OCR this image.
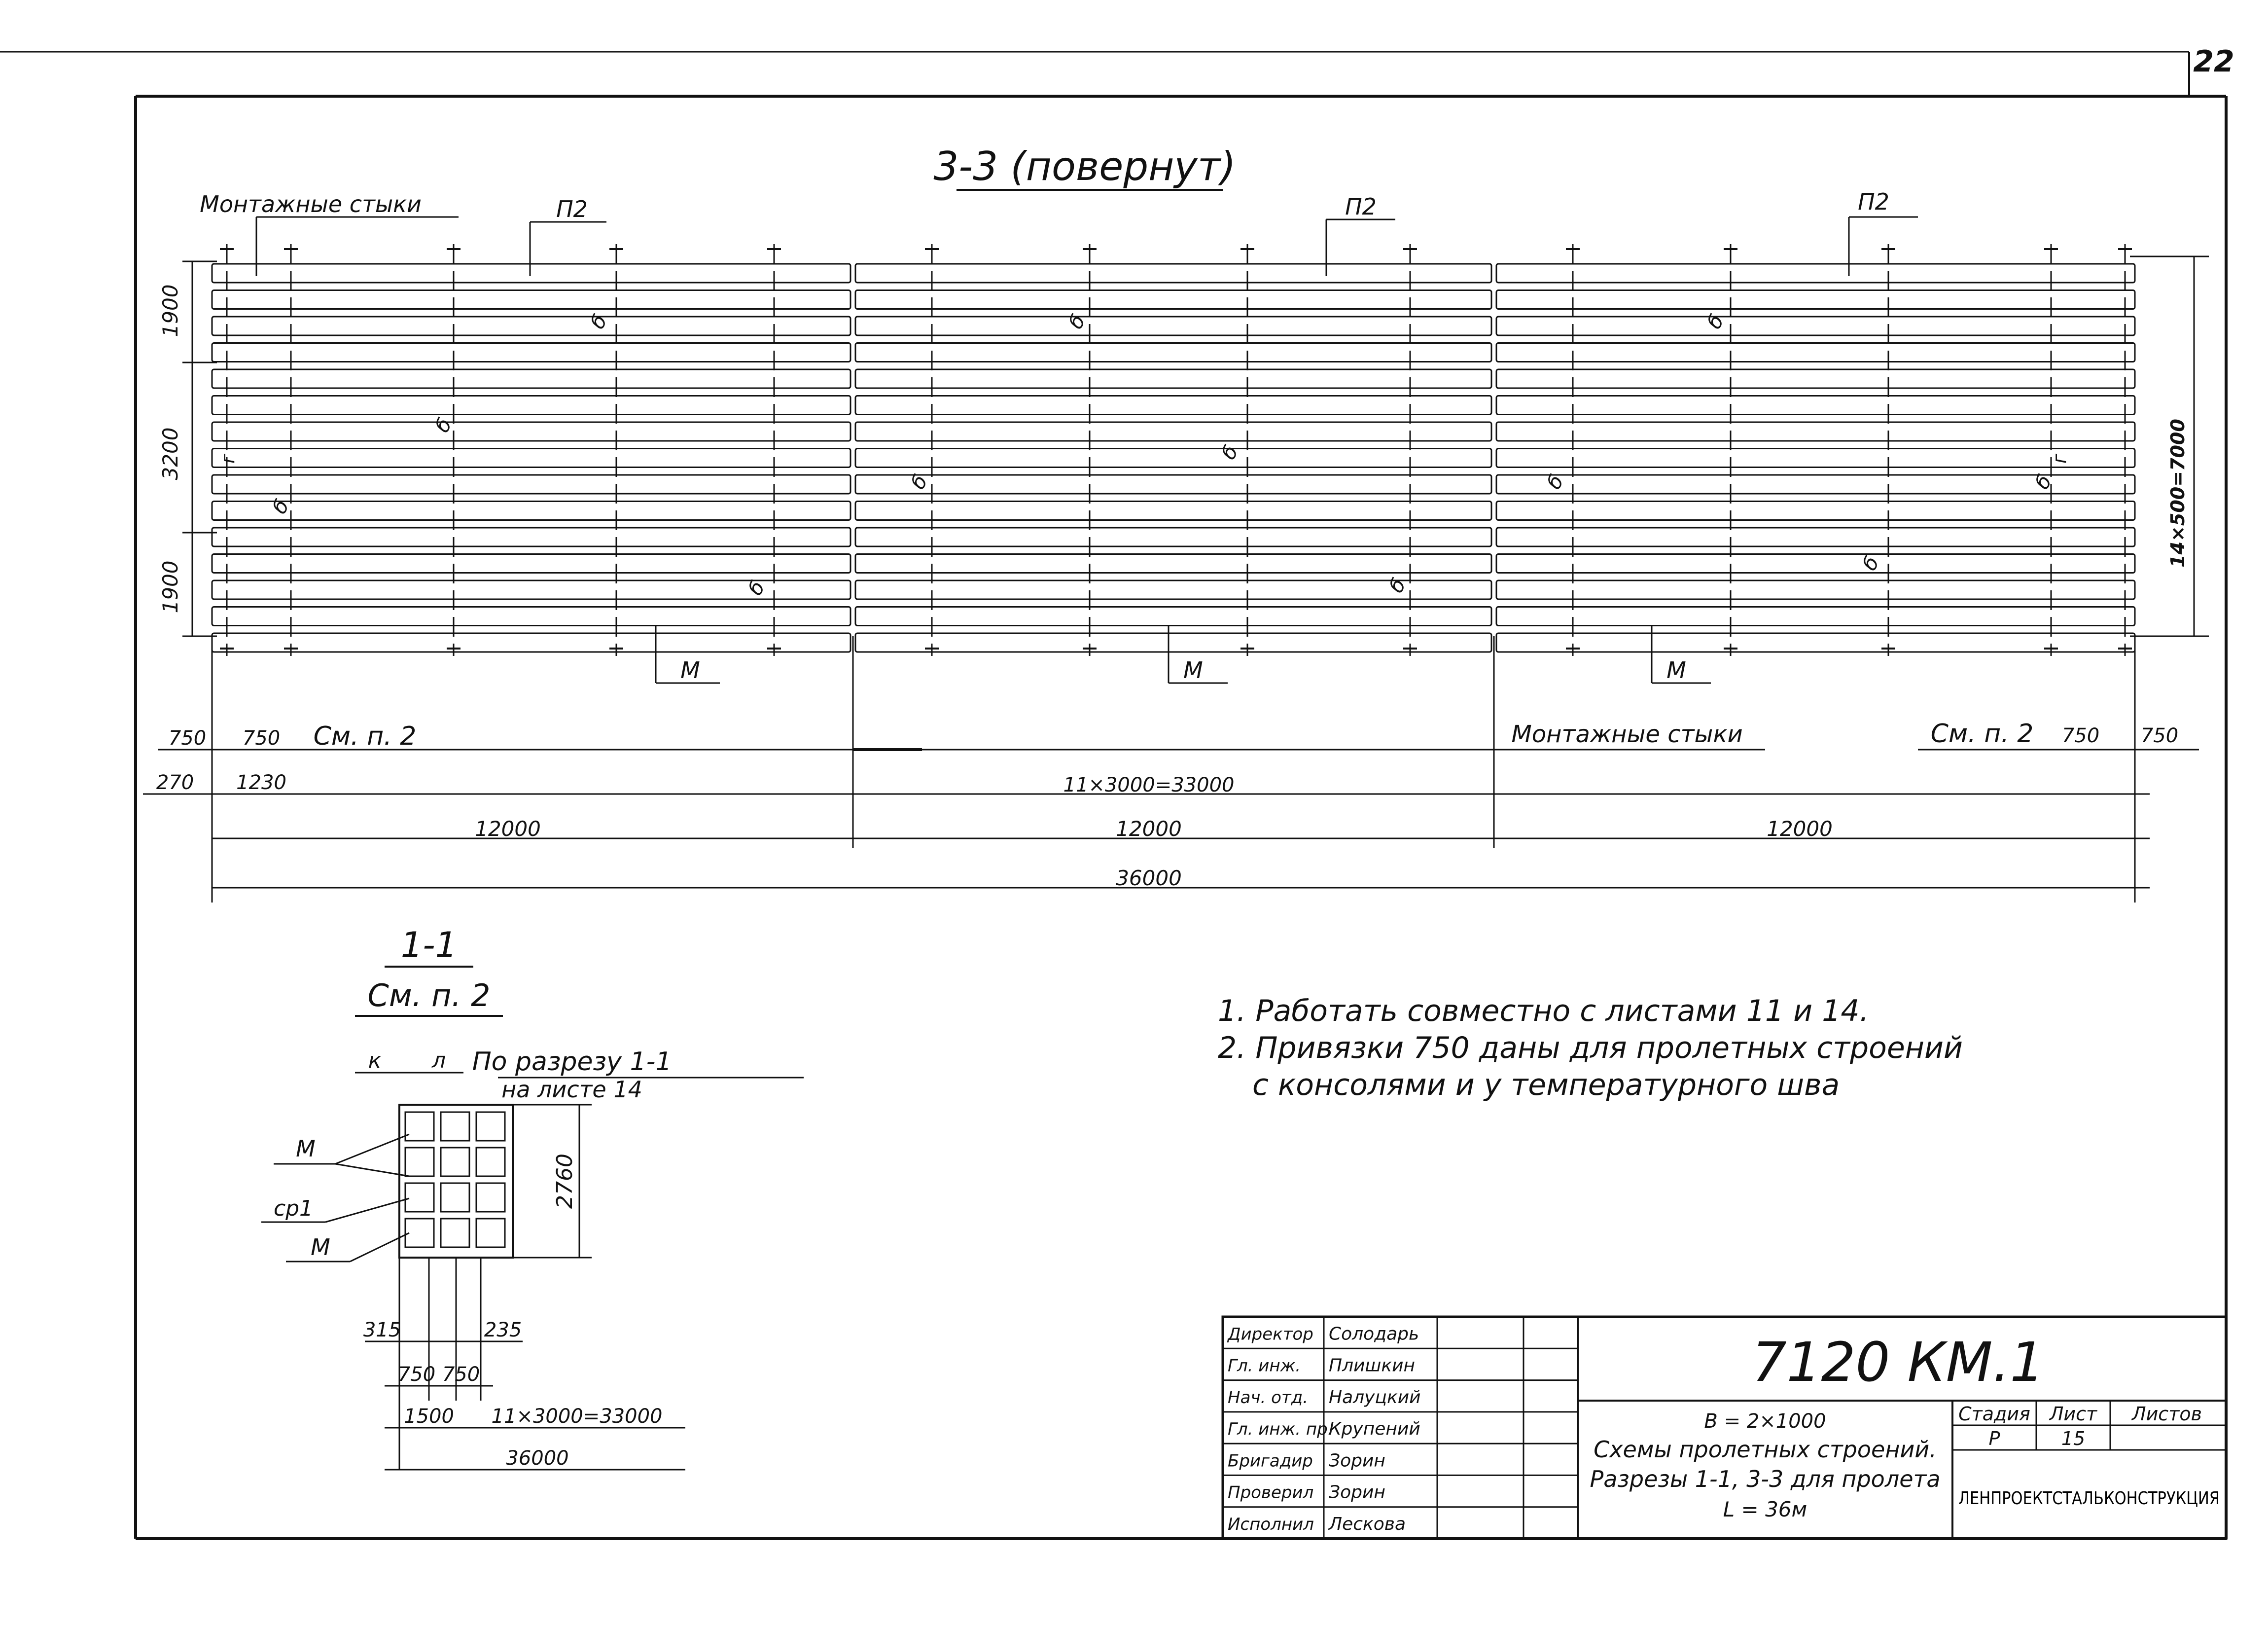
22
3-3 (повернут)
Монтажные стыки	П2	П2	П2
б
б
б
б
б
б
б
б
б
б
б
б
г	г
1900
3200
1900
14×500=7000
М	М	М
750 750 См. п. 2	Монтажные стыки	См. п. 2 750 750
270 1230	11×3000=33000
12000	12000	12000
36000
1-1
См. п. 2
к л По разрезу 1-1
на листе 14
2760
М
ср1
М
315	235
750 750
1500 11×3000=33000
36000
1. Работать совместно с листами 11 и 14.
2. Привязки 750 даны для пролетных строений
с консолями и у температурного шва
Директор Солодарь
Гл. инж. Плишкин
Нач. отд. Налуцкий
Гл. инж. пр.
Крупений
Бригадир Зорин
Проверил Зорин
Исполнил Лескова
7120 КМ.1
В = 2×1000
Схемы пролетных строений.
Разрезы 1-1, 3-3 для пролета
L = 36м
Стадия Лист Листов
Р	15
ЛЕНПРОЕКТСТАЛЬКОНСТРУКЦИЯ
